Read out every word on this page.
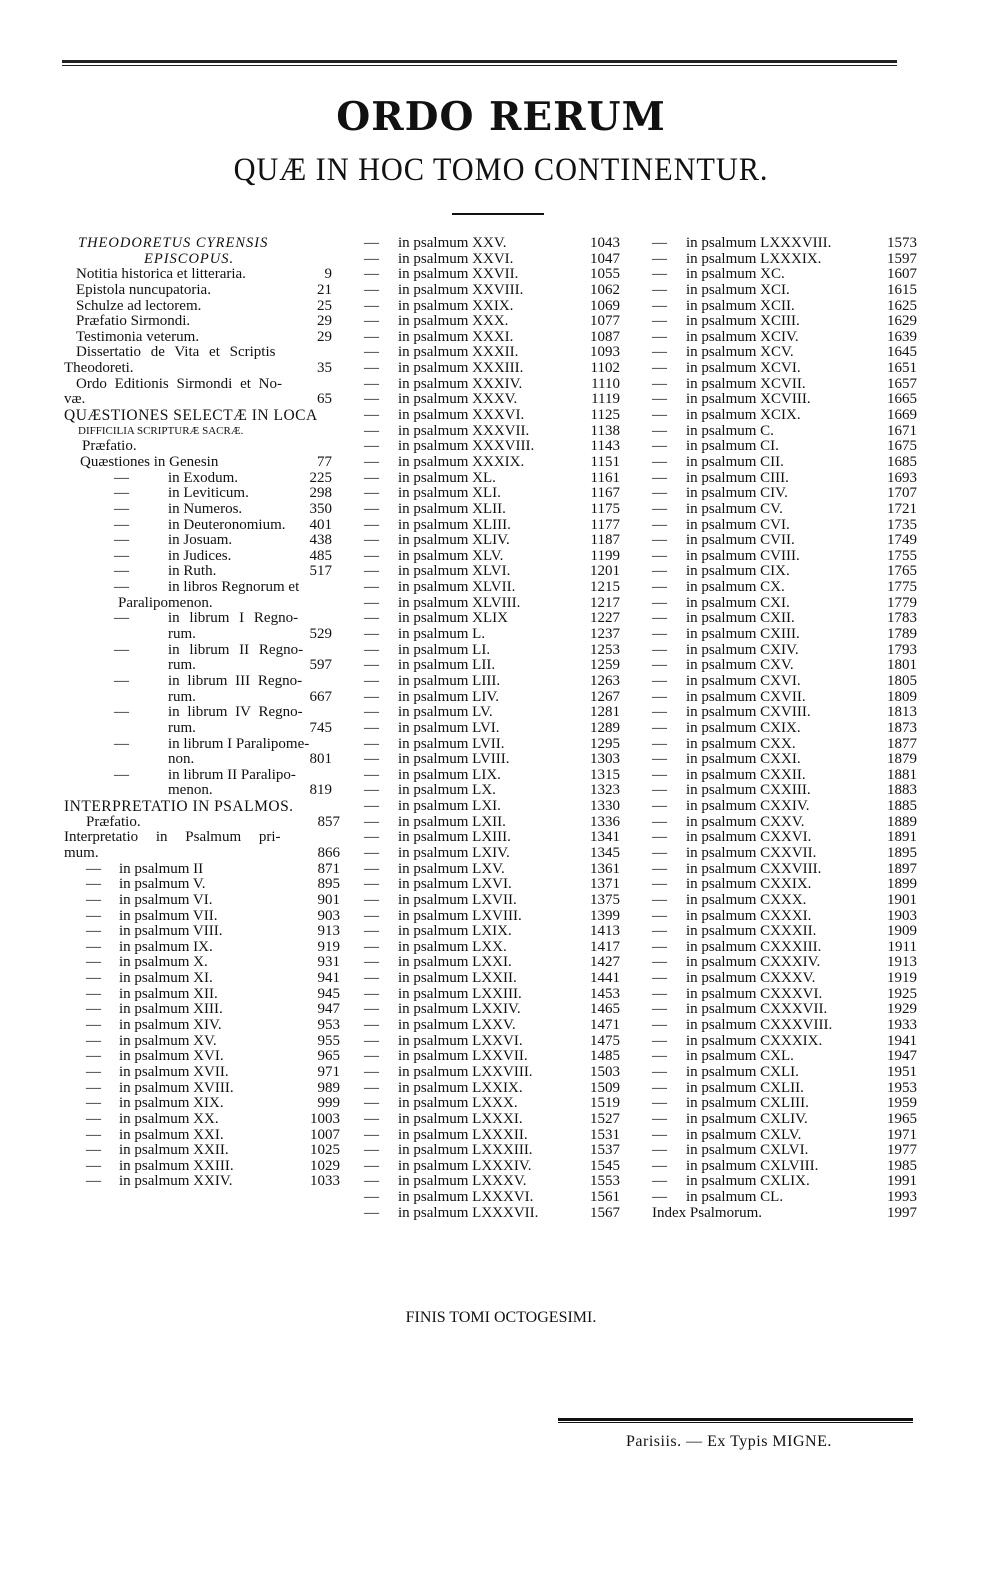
ORDO RERUM
QUÆ IN HOC TOMO CONTINENTUR.
THEODORETUS CYRENSIS
EPISCOPUS.
Notitia historica et litteraria.	9
Epistola nuncupatoria.	21
Schulze ad lectorem.	25
Præfatio Sirmondi.	29
Testimonia veterum.	29
Dissertatio de Vita et Scriptis
Theodoreti.	35
Ordo Editionis Sirmondi et No-
væ.	65
QUÆSTIONES SELECTÆ IN LOCA
DIFFICILIA SCRIPTURÆ SACRÆ.
Præfatio.
Quæstiones in Genesin	77
—	in Exodum.	225
—	in Leviticum.	298
—	in Numeros.	350
—	in Deuteronomium. 401
—	in Josuam.	438
—	in Judices.	485
—	in Ruth.	517
—	in libros Regnorum et
Paralipomenon.
—	in librum I Regno-
rum.	529
—	in librum II Regno-
rum.	597
—	in librum III Regno-
rum.	667
—	in librum IV Regno-
rum.	745
—	in librum I Paralipome-
non.	801
—	in librum II Paralipo-
menon.	819
INTERPRETATIO IN PSALMOS.
Præfatio.	857
Interpretatio in Psalmum pri-
mum.	866
— in psalmum II	871
— in psalmum V.	895
— in psalmum VI.	901
— in psalmum VII.	903
— in psalmum VIII.	913
— in psalmum IX.	919
— in psalmum X.	931
— in psalmum XI.	941
— in psalmum XII.	945
— in psalmum XIII.	947
— in psalmum XIV.	953
— in psalmum XV.	955
— in psalmum XVI.	965
— in psalmum XVII.	971
— in psalmum XVIII.	989
— in psalmum XIX.	999
— in psalmum XX.	1003
— in psalmum XXI.	1007
— in psalmum XXII.	1025
— in psalmum XXIII.	1029
— in psalmum XXIV.	1033
— in psalmum XXV.	1043
— in psalmum XXVI.	1047
— in psalmum XXVII.	1055
— in psalmum XXVIII.	1062
— in psalmum XXIX.	1069
— in psalmum XXX.	1077
— in psalmum XXXI.	1087
— in psalmum XXXII.	1093
— in psalmum XXXIII.	1102
— in psalmum XXXIV.	1110
— in psalmum XXXV.	1119
— in psalmum XXXVI.	1125
— in psalmum XXXVII.	1138
— in psalmum XXXVIII.	1143
— in psalmum XXXIX.	1151
— in psalmum XL.	1161
— in psalmum XLI.	1167
— in psalmum XLII.	1175
— in psalmum XLIII.	1177
— in psalmum XLIV.	1187
— in psalmum XLV.	1199
— in psalmum XLVI.	1201
— in psalmum XLVII.	1215
— in psalmum XLVIII.	1217
— in psalmum XLIX	1227
— in psalmum L.	1237
— in psalmum LI.	1253
— in psalmum LII.	1259
— in psalmum LIII.	1263
— in psalmum LIV.	1267
— in psalmum LV.	1281
— in psalmum LVI.	1289
— in psalmum LVII.	1295
— in psalmum LVIII.	1303
— in psalmum LIX.	1315
— in psalmum LX.	1323
— in psalmum LXI.	1330
— in psalmum LXII.	1336
— in psalmum LXIII.	1341
— in psalmum LXIV.	1345
— in psalmum LXV.	1361
— in psalmum LXVI.	1371
— in psalmum LXVII.	1375
— in psalmum LXVIII.	1399
— in psalmum LXIX.	1413
— in psalmum LXX.	1417
— in psalmum LXXI.	1427
— in psalmum LXXII.	1441
— in psalmum LXXIII.	1453
— in psalmum LXXIV.	1465
— in psalmum LXXV.	1471
— in psalmum LXXVI.	1475
— in psalmum LXXVII.	1485
— in psalmum LXXVIII.	1503
— in psalmum LXXIX.	1509
— in psalmum LXXX.	1519
— in psalmum LXXXI.	1527
— in psalmum LXXXII.	1531
— in psalmum LXXXIII.	1537
— in psalmum LXXXIV.	1545
— in psalmum LXXXV.	1553
— in psalmum LXXXVI.	1561
— in psalmum LXXXVII.	1567
— in psalmum LXXXVIII.	1573
— in psalmum LXXXIX.	1597
— in psalmum XC.	1607
— in psalmum XCI.	1615
— in psalmum XCII.	1625
— in psalmum XCIII.	1629
— in psalmum XCIV.	1639
— in psalmum XCV.	1645
— in psalmum XCVI.	1651
— in psalmum XCVII.	1657
— in psalmum XCVIII.	1665
— in psalmum XCIX.	1669
— in psalmum C.	1671
— in psalmum CI.	1675
— in psalmum CII.	1685
— in psalmum CIII.	1693
— in psalmum CIV.	1707
— in psalmum CV.	1721
— in psalmum CVI.	1735
— in psalmum CVII.	1749
— in psalmum CVIII.	1755
— in psalmum CIX.	1765
— in psalmum CX.	1775
— in psalmum CXI.	1779
— in psalmum CXII.	1783
— in psalmum CXIII.	1789
— in psalmum CXIV.	1793
— in psalmum CXV.	1801
— in psalmum CXVI.	1805
— in psalmum CXVII.	1809
— in psalmum CXVIII.	1813
— in psalmum CXIX.	1873
— in psalmum CXX.	1877
— in psalmum CXXI.	1879
— in psalmum CXXII.	1881
— in psalmum CXXIII.	1883
— in psalmum CXXIV.	1885
— in psalmum CXXV.	1889
— in psalmum CXXVI.	1891
— in psalmum CXXVII.	1895
— in psalmum CXXVIII.	1897
— in psalmum CXXIX.	1899
— in psalmum CXXX.	1901
— in psalmum CXXXI.	1903
— in psalmum CXXXII.	1909
— in psalmum CXXXIII.	1911
— in psalmum CXXXIV.	1913
— in psalmum CXXXV.	1919
— in psalmum CXXXVI.	1925
— in psalmum CXXXVII.	1929
— in psalmum CXXXVIII.	1933
— in psalmum CXXXIX.	1941
— in psalmum CXL.	1947
— in psalmum CXLI.	1951
— in psalmum CXLII.	1953
— in psalmum CXLIII.	1959
— in psalmum CXLIV.	1965
— in psalmum CXLV.	1971
— in psalmum CXLVI.	1977
— in psalmum CXLVIII.	1985
— in psalmum CXLIX.	1991
— in psalmum CL.	1993
Index Psalmorum.	1997
FINIS TOMI OCTOGESIMI.
Parisiis. — Ex Typis MIGNE.
